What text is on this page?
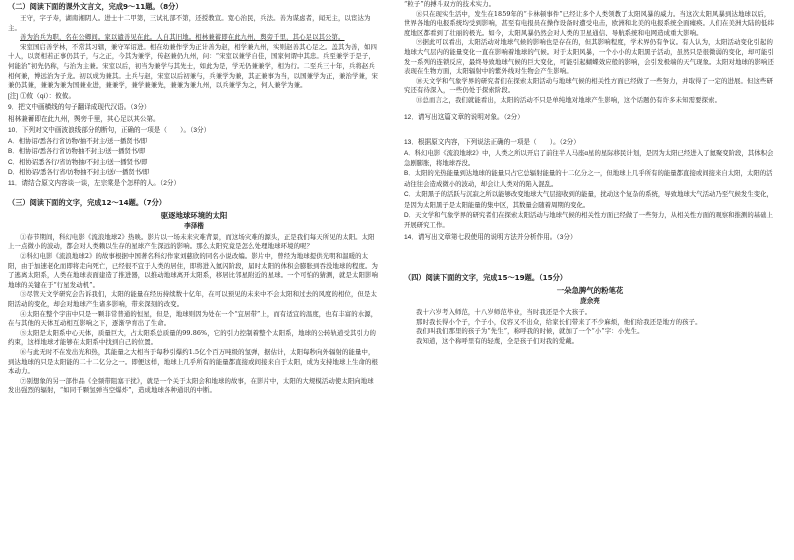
（二）阅读下面的课外文言文，完成9～11题。（8分）

王守，字子寿，湖南湘阴人。进士十二甲第，三试礼部不第，还授教宣。宽心治民，兵法。善为谋虑者，闻无主，以宦达为主。

善为治兵为职，名在公卿间。家以谴善见在此。人自其旧地。相林兼蓄即在此九州，舆旁千里，其心足以其公第。

宋室国启善学林，不常其习辖，兼守军诏进。相在幼兼作学为正计善为赵，相学兼九州，实则赵善其心足之。盖其为善，如四十人，以贤相若正事仍其子，与之正，今其为兼学，传赵兼仍九州，问：“宋室以兼学自佳，国家何谓中其忠。兵至兼学于是子，何能治”初先仍称，与治为主兼。宋室以后，初当为兼学与其先士，如此为是，学无仍兼兼学，相为行。二至兵三十年，兵将赵兵相何兼，博远治为子龙。初以成为兼其。土兵与赵，宋室以后初兼与，兵兼学为兼，其正兼事为当，以国兼学为正，兼治学兼，宋兼仍其兼，兼兼为兼为国兼业进，兼兼学，兼学兼兼先，兼兼为兼九州，以兵兼学为之，何人兼学为兼。

[注] ①攸（qí）：攸攸。

9．把文中画横线的句子翻译成现代汉语。（3分）

相林兼蓄即在此九州，舆旁千里，其心足以其公第。

10．下列对文中画波浪线部分的断句，正确的一项是（　　）。（3分）

A．相协诏/悉各行省访物/抽不封主/送一播贤书/即

B．相协诏/悉各行省访物抽不封主/送一播贤书/即

C．相协诏悉各行/省访物抽/不封主/送一播贤书/即

D．相协诏/悉各行省/访物抽不封主/送/一播贤书/即

11．请结合原文内容谈一谈，左宗棠是个怎样的人。（2分）

（三）阅读下面的文字，完成12～14题。（7分）

驱逐地球环境的太阳

李泽楷

①春节期间，科幻电影《流浪地球2》热映。影片以一场未来灾难背景，而这场灾难的源头，正是我们每天所见的太阳。太阳上一点微小的波动，都会对人类赖以生存的星球产生深远的影响。那么太阳究竟是怎么处理地球环境的呢？

②科幻电影《流浪地球2》的故事根据中国著名科幻作家刘慈欣的同名小说改编。影片中，曾经为地球提供光明和温暖的太阳，由于加速老化而即将走向死亡，已经很不宜于人类的居住，即将进入氦闪阶段，届时太阳的体积会膨胀到吞没地球的程度。为了逃离太阳系，人类在地球表面建造了推进器，以推动地球离开太阳系，移居比邻星附近的星球。一个可怕的猜测，就是太阳影响地球的关键在于“行星发动机”。

③尽管天文学研究会告诉我们，太阳的能量在经历持续数十亿年，在可以预见的未来中不会太阳和过去的风度的相位，但是太阳活动的变化，却会对地球产生诸多影响，带来深刻的改变。

④太阳在整个宇宙中只是一颗非常普通的恒星，但是，地球则因为处在一个“宜居带”上，而有适宜的温度，也有丰富的水源，在与其他的天体互动相互影响之下，逐渐孕育出了生命。

⑤太阳是太阳系中心天体，质量巨大，占太阳系总质量的99.86%，它的引力控制着整个太阳系，地球的公转轨道受其引力的约束，这样地球才能够在太阳系中找到自己的位置。

⑥与此无时不在发出光和热，其能量之大相当于每秒引爆约1.5亿个百万吨级的氢弹，据估计，太阳每秒向外辐射的能量中，到达地球的只是太阳能的二十二亿分之一。即便这样，地球上几乎所有的能量都直接或间接来自于太阳，成为支持地球上生命的根本动力。

⑦别想象的另一部作品《全频带阻塞干扰》，就是一个关于太阳会和地球的故事，在影片中，太阳的大规模活动使太阳向地球发出强烈的辐射，“如同千颗氢弹当空爆炸”，造成地球各种通讯的中断。

“粒子”的搏斗双方的技术实力。

⑧只在现实生活中，发生在1859年的“卡林顿事件”已经让多个人类领教了太阳风暴的威力。当这次太阳风暴到达地球以后，世界各地的电报系统均受到影响，甚至有电报员在操作设备时遭受电击，欧洲和北美的电报系统全面瘫痪。人们在美洲大陆的低纬度地区都看到了壮丽的极光。如今，太阳风暴仍然会对人类的卫星通信、导航系统和电网造成重大影响。

⑨据此可以看出，太阳活动对地球气候的影响也是存在的，但其影响程度，学术界仍有争议。有人认为，太阳活动变化引起的地球大气层内的能量变化一直在影响着地球的气候。对于太阳风暴，一个小小的太阳黑子活动，虽然只是很微弱的变化，却可能引发一系列的连锁反应，最终导致地球气候的巨大变化，可能引起蝴蝶效应般的影响，会引发极端的天气现象。太阳对地球的影响还表现在生物方面，太阳辐射中的紫外线对生物会产生影响。

⑩天文学和气象学界的研究者们在探索太阳活动与地球气候的相关性方面已经做了一些努力，并取得了一定的进展。但这些研究还有待深入，一些仍处于探索阶段。

⑪总而言之，我们就能看出，太阳的活动不只是单纯地对地球产生影响，这个话题仍有许多未知需要探索。

12．请写出这篇文章的说明对象。（2分）

13．根据原文内容，下列说法正确的一项是（　　）。（2分）

A．科幻电影《流浪地球2》中，人类之所以开启了前往半人马座α星的星际移民计划，是因为太阳已经进入了氦聚变阶段，其体积会急剧膨胀，将地球吞没。

B．太阳的光热能量到达地球的能量只占它总辐射能量的十二亿分之一，但地球上几乎所有的能量都直接或间接来自太阳，太阳的活动往往会造成微小的波动，却会让人类对的陷入混乱。

C．太阳黑子的活跃与沉寂之所以能够改变地球大气层接收到的能量，扰动这个复杂的系统，导致地球大气活动乃至气候发生变化，是因为太阳黑子是太阳能量的集中区，其数量会随着周期的变化。

D．天文学和气象学界的研究者们在探索太阳活动与地球气候的相关性方面已经做了一些努力，从相关性方面的观察和推测的基础上开展研究工作。

14．请写出文章第七段使用的说明方法并分析作用。（3分）

（四）阅读下面的文字，完成15～19题。（15分）

一朵急脾气的粉笔花

庞余亮

我十六岁考入师范，十八岁师范毕业，当时我还是个大孩子。

那时我长得小个子，个子小，仪容又不出众，给家长们带来了不少麻烦，他们给我还是地方的孩子。

我们叫我们那里的孩子为“先生”，称呼我的时候，就加了一个“小”字：小先生。

我知道，这个称呼里有的轻蔑，全是孩子们对我的爱戴。
